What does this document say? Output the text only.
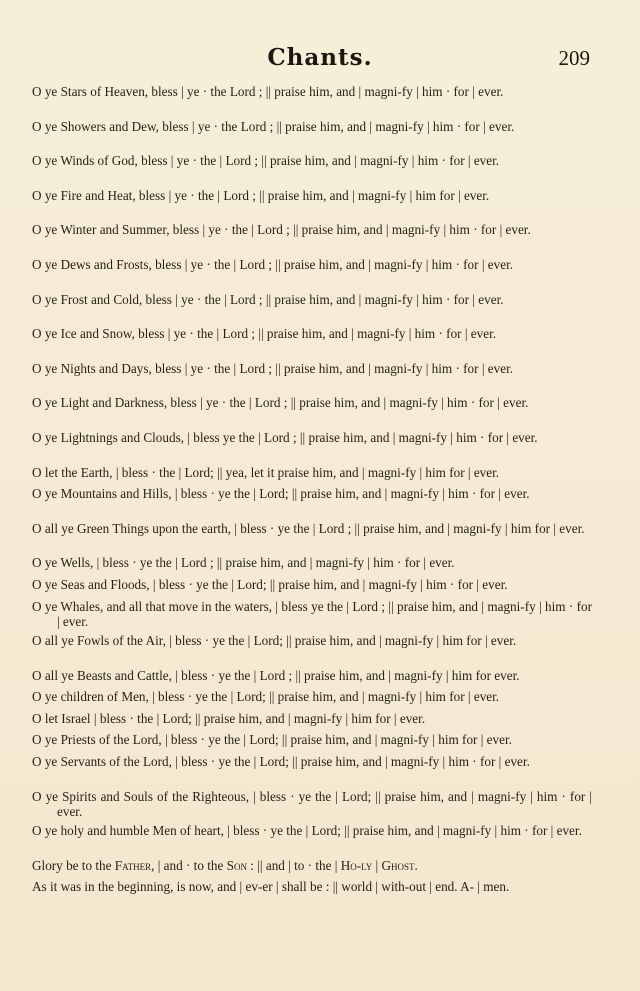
Chants.	209
O ye Stars of Heaven, bless | ye · the Lord ; || praise him, and | magni-fy | him · for | ever.
O ye Showers and Dew, bless | ye · the Lord ; || praise him, and | magni-fy | him · for | ever.
O ye Winds of God, bless | ye · the | Lord ; || praise him, and | magni-fy | him · for | ever.
O ye Fire and Heat, bless | ye · the | Lord ; || praise him, and | magni-fy | him for | ever.
O ye Winter and Summer, bless | ye · the | Lord ; || praise him, and | magni-fy | him · for | ever.
O ye Dews and Frosts, bless | ye · the | Lord ; || praise him, and | magni-fy | him · for | ever.
O ye Frost and Cold, bless | ye · the | Lord ; || praise him, and | magni-fy | him · for | ever.
O ye Ice and Snow, bless | ye · the | Lord ; || praise him, and | magni-fy | him · for | ever.
O ye Nights and Days, bless | ye · the | Lord ; || praise him, and | magni-fy | him · for | ever.
O ye Light and Darkness, bless | ye · the | Lord ; || praise him, and | magni-fy | him · for | ever.
O ye Lightnings and Clouds, | bless ye the | Lord ; || praise him, and | magni-fy | him · for | ever.
O let the Earth, | bless · the | Lord; || yea, let it praise him, and | magni-fy | him for | ever.
O ye Mountains and Hills, | bless · ye the | Lord; || praise him, and | magni-fy | him · for | ever.
O all ye Green Things upon the earth, | bless · ye the | Lord ; || praise him, and | magni-fy | him for | ever.
O ye Wells, | bless · ye the | Lord ; || praise him, and | magni-fy | him · for | ever.
O ye Seas and Floods, | bless · ye the | Lord; || praise him, and | magni-fy | him · for | ever.
O ye Whales, and all that move in the waters, | bless ye the | Lord ; || praise him, and | magni-fy | him · for | ever.
O all ye Fowls of the Air, | bless · ye the | Lord; || praise him, and | magni-fy | him for | ever.
O all ye Beasts and Cattle, | bless · ye the | Lord ; || praise him, and | magni-fy | him for ever.
O ye children of Men, | bless · ye the | Lord; || praise him, and | magni-fy | him for | ever.
O let Israel | bless · the | Lord; || praise him, and | magni-fy | him for | ever.
O ye Priests of the Lord, | bless · ye the | Lord; || praise him, and | magni-fy | him for | ever.
O ye Servants of the Lord, | bless · ye the | Lord; || praise him, and | magni-fy | him · for | ever.
O ye Spirits and Souls of the Righteous, | bless · ye the | Lord; || praise him, and | magni-fy | him · for | ever.
O ye holy and humble Men of heart, | bless · ye the | Lord; || praise him, and | magni-fy | him · for | ever.
Glory be to the Father, | and · to the Son : || and | to · the | Ho-ly | Ghost.
As it was in the beginning, is now, and | ev-er | shall be : || world | with-out | end. A- | men.
